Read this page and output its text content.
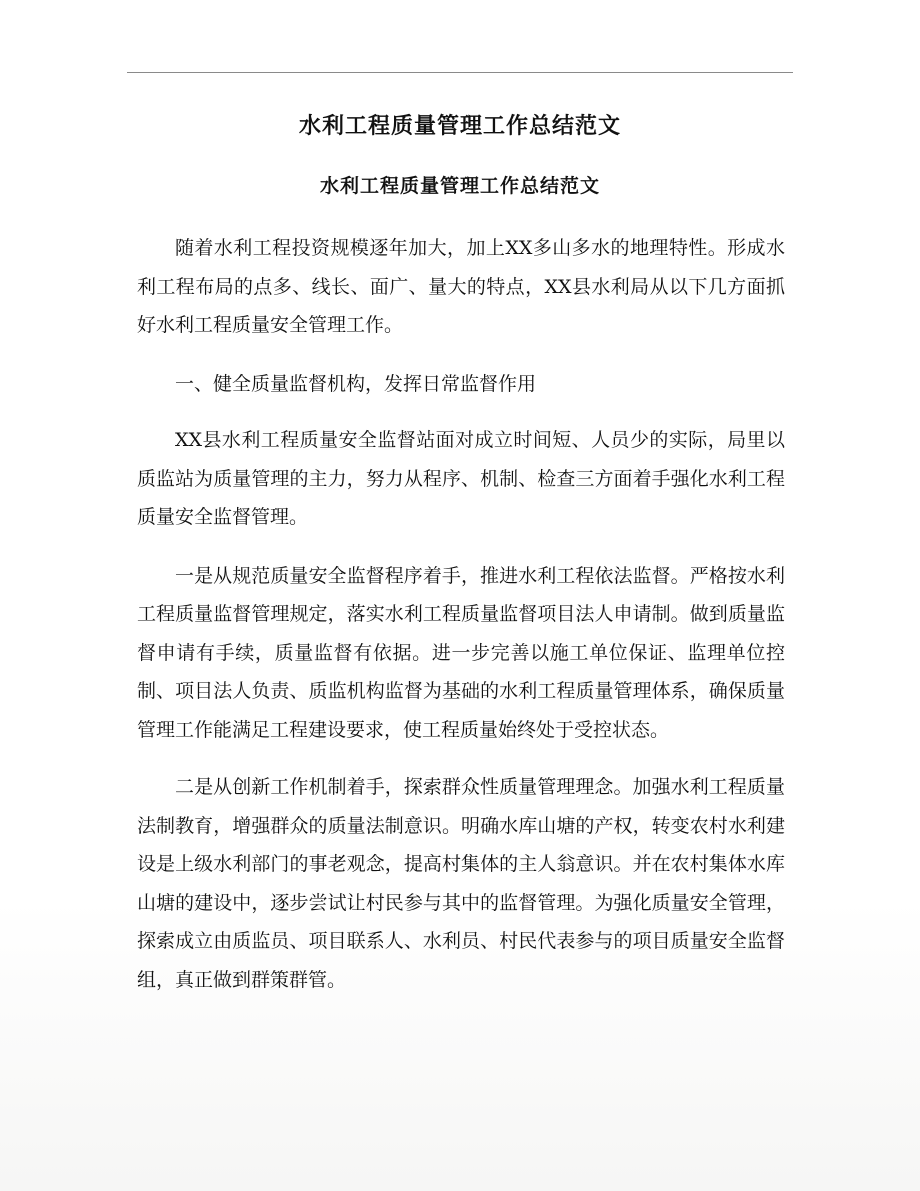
水利工程质量管理工作总结范文
水利工程质量管理工作总结范文

随着水利工程投资规模逐年加大，加上XX多山多水的地理特性。形成水利工程布局的点多、线长、面广、量大的特点，XX县水利局从以下几方面抓好水利工程质量安全管理工作。

一、健全质量监督机构，发挥日常监督作用

XX县水利工程质量安全监督站面对成立时间短、人员少的实际，局里以质监站为质量管理的主力，努力从程序、机制、检查三方面着手强化水利工程质量安全监督管理。

一是从规范质量安全监督程序着手，推进水利工程依法监督。严格按水利工程质量监督管理规定，落实水利工程质量监督项目法人申请制。做到质量监督申请有手续，质量监督有依据。进一步完善以施工单位保证、监理单位控制、项目法人负责、质监机构监督为基础的水利工程质量管理体系，确保质量管理工作能满足工程建设要求，使工程质量始终处于受控状态。

二是从创新工作机制着手，探索群众性质量管理理念。加强水利工程质量法制教育，增强群众的质量法制意识。明确水库山塘的产权，转变农村水利建设是上级水利部门的事老观念，提高村集体的主人翁意识。并在农村集体水库山塘的建设中，逐步尝试让村民参与其中的监督管理。为强化质量安全管理，探索成立由质监员、项目联系人、水利员、村民代表参与的项目质量安全监督组，真正做到群策群管。
